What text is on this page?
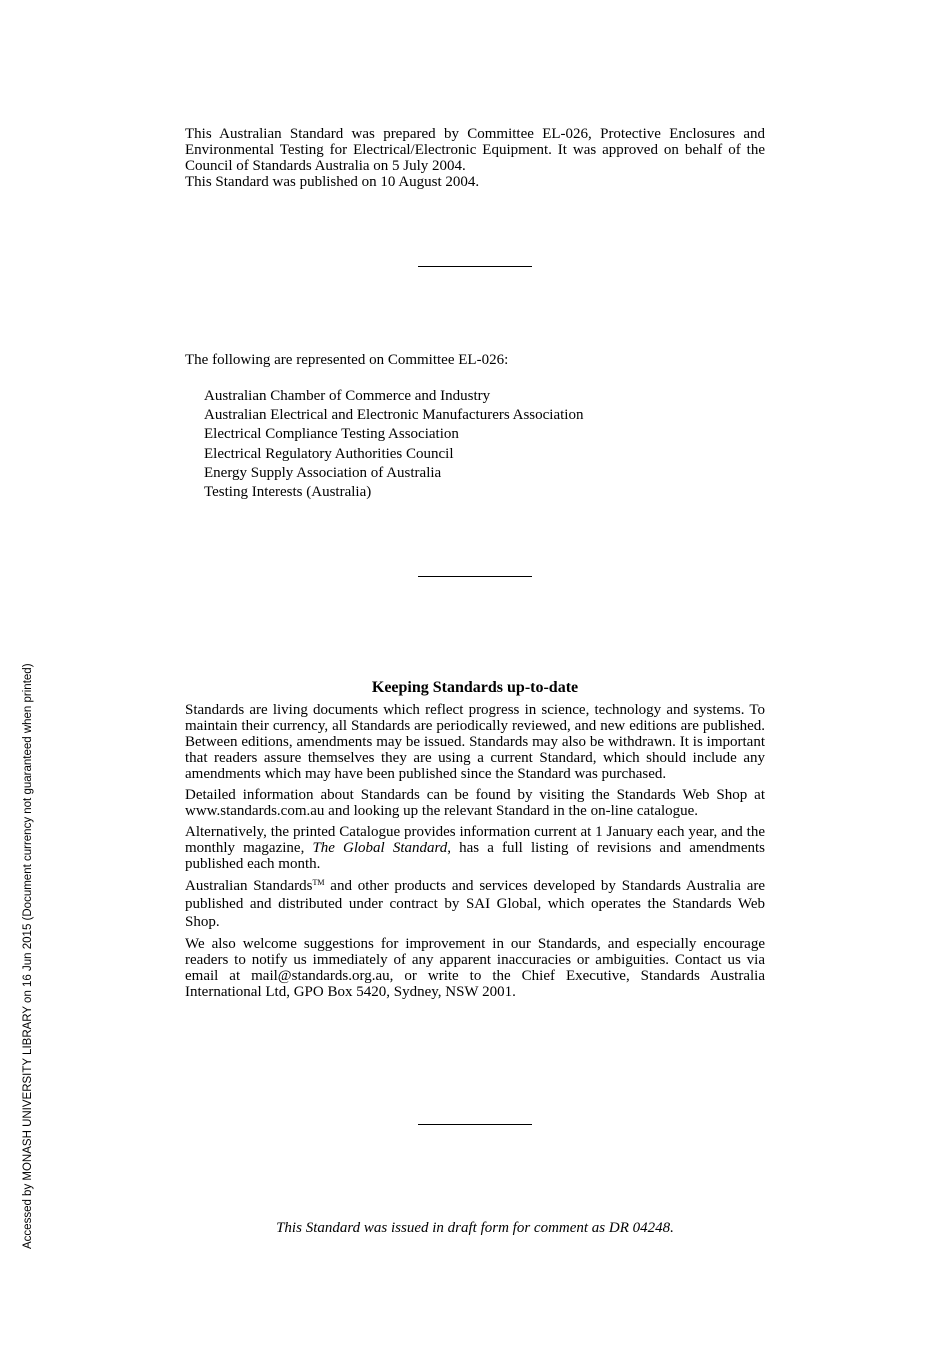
This Australian Standard was prepared by Committee EL-026, Protective Enclosures and Environmental Testing for Electrical/Electronic Equipment. It was approved on behalf of the Council of Standards Australia on 5 July 2004.

This Standard was published on 10 August 2004.

The following are represented on Committee EL-026:
Australian Chamber of Commerce and Industry
Australian Electrical and Electronic Manufacturers Association
Electrical Compliance Testing Association
Electrical Regulatory Authorities Council
Energy Supply Association of Australia
Testing Interests (Australia)
Keeping Standards up-to-date

Standards are living documents which reflect progress in science, technology and systems. To maintain their currency, all Standards are periodically reviewed, and new editions are published. Between editions, amendments may be issued. Standards may also be withdrawn. It is important that readers assure themselves they are using a current Standard, which should include any amendments which may have been published since the Standard was purchased.

Detailed information about Standards can be found by visiting the Standards Web Shop at www.standards.com.au and looking up the relevant Standard in the on-line catalogue.

Alternatively, the printed Catalogue provides information current at 1 January each year, and the monthly magazine, The Global Standard, has a full listing of revisions and amendments published each month.

Australian Standards™ and other products and services developed by Standards Australia are published and distributed under contract by SAI Global, which operates the Standards Web Shop.

We also welcome suggestions for improvement in our Standards, and especially encourage readers to notify us immediately of any apparent inaccuracies or ambiguities. Contact us via email at mail@standards.org.au, or write to the Chief Executive, Standards Australia International Ltd, GPO Box 5420, Sydney, NSW 2001.

This Standard was issued in draft form for comment as DR 04248.
Accessed by MONASH UNIVERSITY LIBRARY on 16 Jun 2015 (Document currency not guaranteed when printed)
